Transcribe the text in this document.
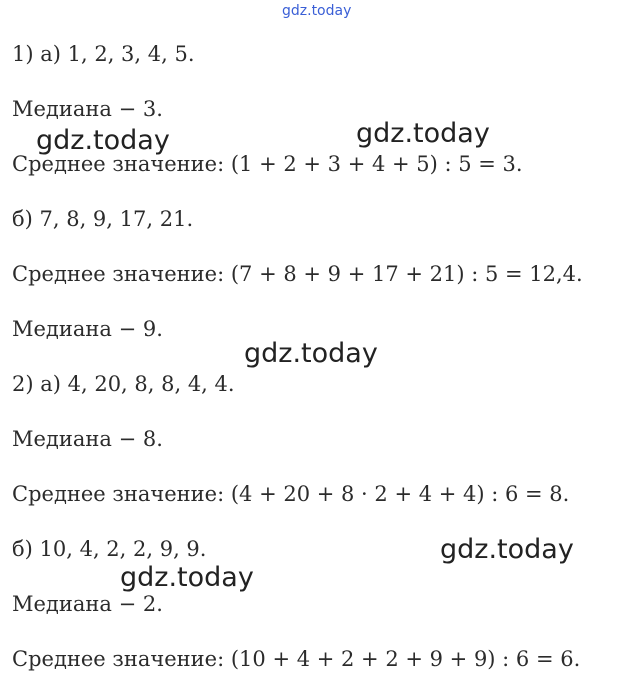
gdz.today
1) а) 1, 2, 3, 4, 5.
Медиана − 3.
Среднее значение: (1 + 2 + 3 + 4 + 5) : 5 = 3.
б) 7, 8, 9, 17, 21.
Среднее значение: (7 + 8 + 9 + 17 + 21) : 5 = 12,4.
Медиана − 9.
2) а) 4, 20, 8, 8, 4, 4.
Медиана − 8.
Среднее значение: (4 + 20 + 8 · 2 + 4 + 4) : 6 = 8.
б) 10, 4, 2, 2, 9, 9.
Медиана − 2.
Среднее значение: (10 + 4 + 2 + 2 + 9 + 9) : 6 = 6.
gdz.today	gdz.today
gdz.today
gdz.today
gdz.today
